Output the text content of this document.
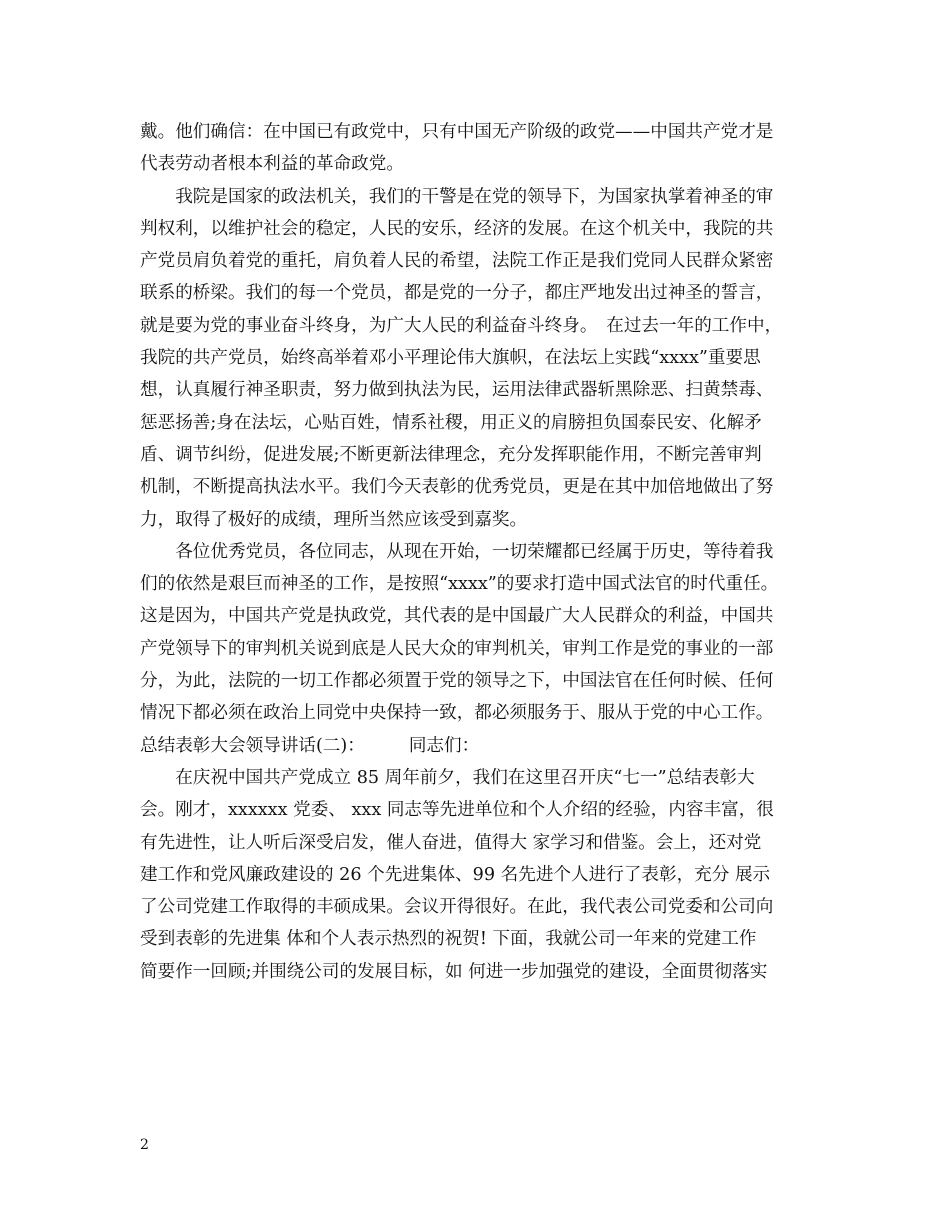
戴。他们确信：在中国已有政党中，只有中国无产阶级的政党——中国共产党才是
代表劳动者根本利益的革命政党。
　　我院是国家的政法机关，我们的干警是在党的领导下，为国家执掌着神圣的审
判权利，以维护社会的稳定，人民的安乐，经济的发展。在这个机关中，我院的共
产党员肩负着党的重托，肩负着人民的希望，法院工作正是我们党同人民群众紧密
联系的桥梁。我们的每一个党员，都是党的一分子，都庄严地发出过神圣的誓言，
就是要为党的事业奋斗终身，为广大人民的利益奋斗终身。　在过去一年的工作中，
我院的共产党员，始终高举着邓小平理论伟大旗帜，在法坛上实践“xxxx”重要思
想，认真履行神圣职责，努力做到执法为民，运用法律武器斩黑除恶、扫黄禁毒、
惩恶扬善;身在法坛，心贴百姓，情系社稷，用正义的肩膀担负国泰民安、化解矛
盾、调节纠纷，促进发展;不断更新法律理念，充分发挥职能作用，不断完善审判
机制，不断提高执法水平。我们今天表彰的优秀党员，更是在其中加倍地做出了努
力，取得了极好的成绩，理所当然应该受到嘉奖。
　　各位优秀党员，各位同志，从现在开始，一切荣耀都已经属于历史，等待着我
们的依然是艰巨而神圣的工作，是按照“xxxx”的要求打造中国式法官的时代重任。
这是因为，中国共产党是执政党，其代表的是中国最广大人民群众的利益，中国共
产党领导下的审判机关说到底是人民大众的审判机关，审判工作是党的事业的一部
分，为此，法院的一切工作都必须置于党的领导之下，中国法官在任何时候、任何
情况下都必须在政治上同党中央保持一致，都必须服务于、服从于党的中心工作。
总结表彰大会领导讲话(二)：　　　同志们：
　　在庆祝中国共产党成立 85 周年前夕，我们在这里召开庆“七一”总结表彰大
会。刚才，xxxxxx 党委、 xxx 同志等先进单位和个人介绍的经验，内容丰富，很
有先进性，让人听后深受启发，催人奋进，值得大 家学习和借鉴。会上，还对党
建工作和党风廉政建设的 26 个先进集体、99 名先进个人进行了表彰，充分 展示
了公司党建工作取得的丰硕成果。会议开得很好。在此，我代表公司党委和公司向
受到表彰的先进集 体和个人表示热烈的祝贺! 下面，我就公司一年来的党建工作
简要作一回顾;并围绕公司的发展目标，如 何进一步加强党的建设，全面贯彻落实
2
